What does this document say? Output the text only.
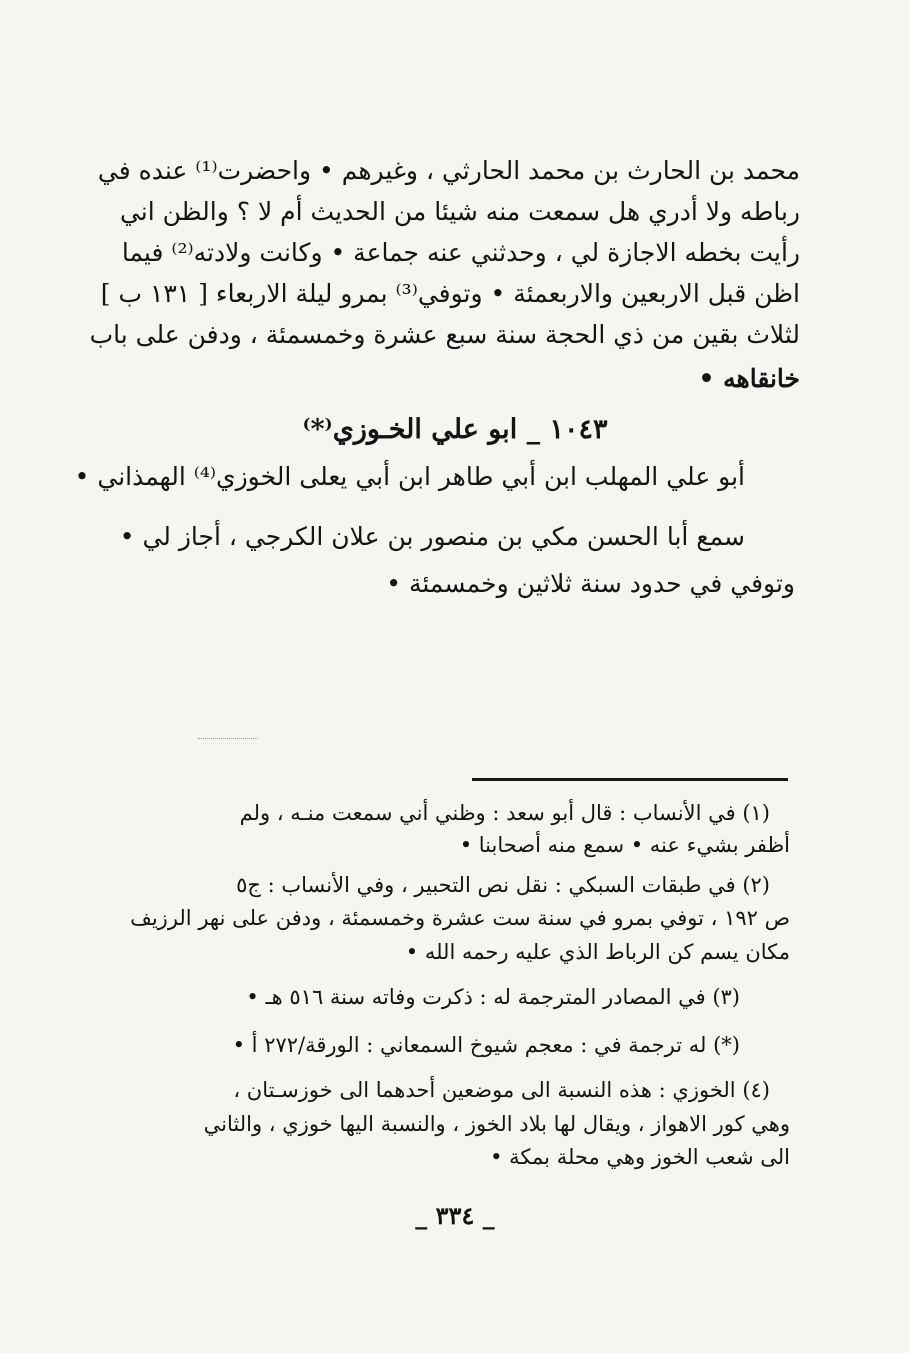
محمد بن الحارث بن محمد الحارثي ، وغيرهم • واحضرت⁽¹⁾ عنده في
رباطه ولا أدري هل سمعت منه شيئا من الحديث أم لا ؟ والظن اني
رأيت بخطه الاجازة لي ، وحدثني عنه جماعة • وكانت ولادته⁽²⁾ فيما
اظن قبل الاربعين والاربعمئة • وتوفي⁽³⁾ بمرو ليلة الاربعاء [ ١٣١ ب ]
لثلاث بقين من ذي الحجة سنة سبع عشرة وخمسمئة ، ودفن على باب
خانقاهه •
١٠٤٣ _ ابو علي الخـوزي⁽*⁾
أبو علي المهلب ابن أبي طاهر ابن أبي يعلى الخوزي⁽⁴⁾ الهمذاني •
سمع أبا الحسن مكي بن منصور بن علان الكرجي ، أجاز لي •
وتوفي في حدود سنة ثلاثين وخمسمئة •
(١) في الأنساب : قال أبو سعد : وظني أني سمعت منـه ، ولم
أظفر بشيء عنه • سمع منه أصحابنا •
(٢) في طبقات السبكي : نقل نص التحبير ، وفي الأنساب : ج٥
ص ١٩٢ ، توفي بمرو في سنة ست عشرة وخمسمئة ، ودفن على نهر الرزيف
مكان يسم كن الرباط الذي عليه رحمه الله •
(٣) في المصادر المترجمة له : ذكرت وفاته سنة ٥١٦ هـ •
(*) له ترجمة في : معجم شيوخ السمعاني : الورقة/٢٧٢ أ •
(٤) الخوزي : هذه النسبة الى موضعين أحدهما الى خوزسـتان ،
وهي كور الاهواز ، ويقال لها بلاد الخوز ، والنسبة اليها خوزي ، والثاني
الى شعب الخوز وهي محلة بمكة •
_ ٣٣٤ _
